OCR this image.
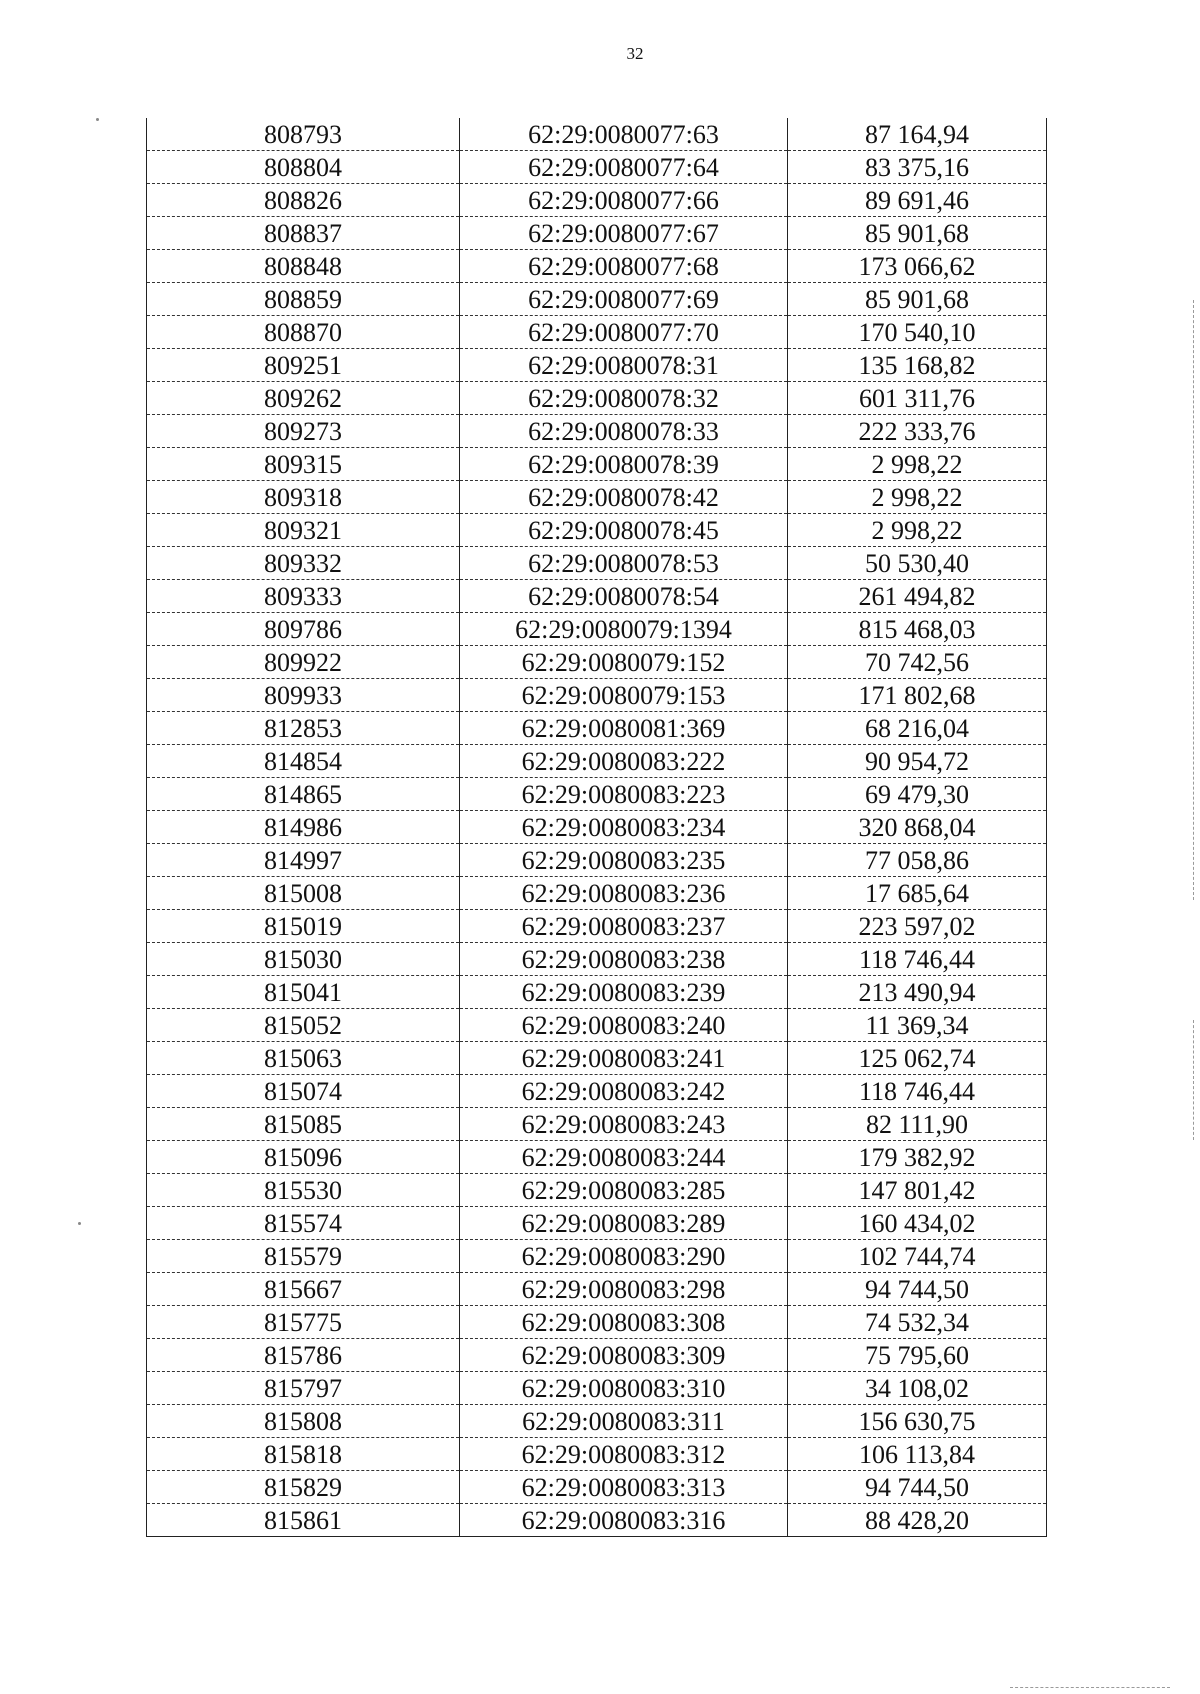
32
808793	62:29:0080077:63	87 164,94
808804	62:29:0080077:64	83 375,16
808826	62:29:0080077:66	89 691,46
808837	62:29:0080077:67	85 901,68
808848	62:29:0080077:68	173 066,62
808859	62:29:0080077:69	85 901,68
808870	62:29:0080077:70	170 540,10
809251	62:29:0080078:31	135 168,82
809262	62:29:0080078:32	601 311,76
809273	62:29:0080078:33	222 333,76
809315	62:29:0080078:39	2 998,22
809318	62:29:0080078:42	2 998,22
809321	62:29:0080078:45	2 998,22
809332	62:29:0080078:53	50 530,40
809333	62:29:0080078:54	261 494,82
809786	62:29:0080079:1394	815 468,03
809922	62:29:0080079:152	70 742,56
809933	62:29:0080079:153	171 802,68
812853	62:29:0080081:369	68 216,04
814854	62:29:0080083:222	90 954,72
814865	62:29:0080083:223	69 479,30
814986	62:29:0080083:234	320 868,04
814997	62:29:0080083:235	77 058,86
815008	62:29:0080083:236	17 685,64
815019	62:29:0080083:237	223 597,02
815030	62:29:0080083:238	118 746,44
815041	62:29:0080083:239	213 490,94
815052	62:29:0080083:240	11 369,34
815063	62:29:0080083:241	125 062,74
815074	62:29:0080083:242	118 746,44
815085	62:29:0080083:243	82 111,90
815096	62:29:0080083:244	179 382,92
815530	62:29:0080083:285	147 801,42
815574	62:29:0080083:289	160 434,02
815579	62:29:0080083:290	102 744,74
815667	62:29:0080083:298	94 744,50
815775	62:29:0080083:308	74 532,34
815786	62:29:0080083:309	75 795,60
815797	62:29:0080083:310	34 108,02
815808	62:29:0080083:311	156 630,75
815818	62:29:0080083:312	106 113,84
815829	62:29:0080083:313	94 744,50
815861	62:29:0080083:316	88 428,20
